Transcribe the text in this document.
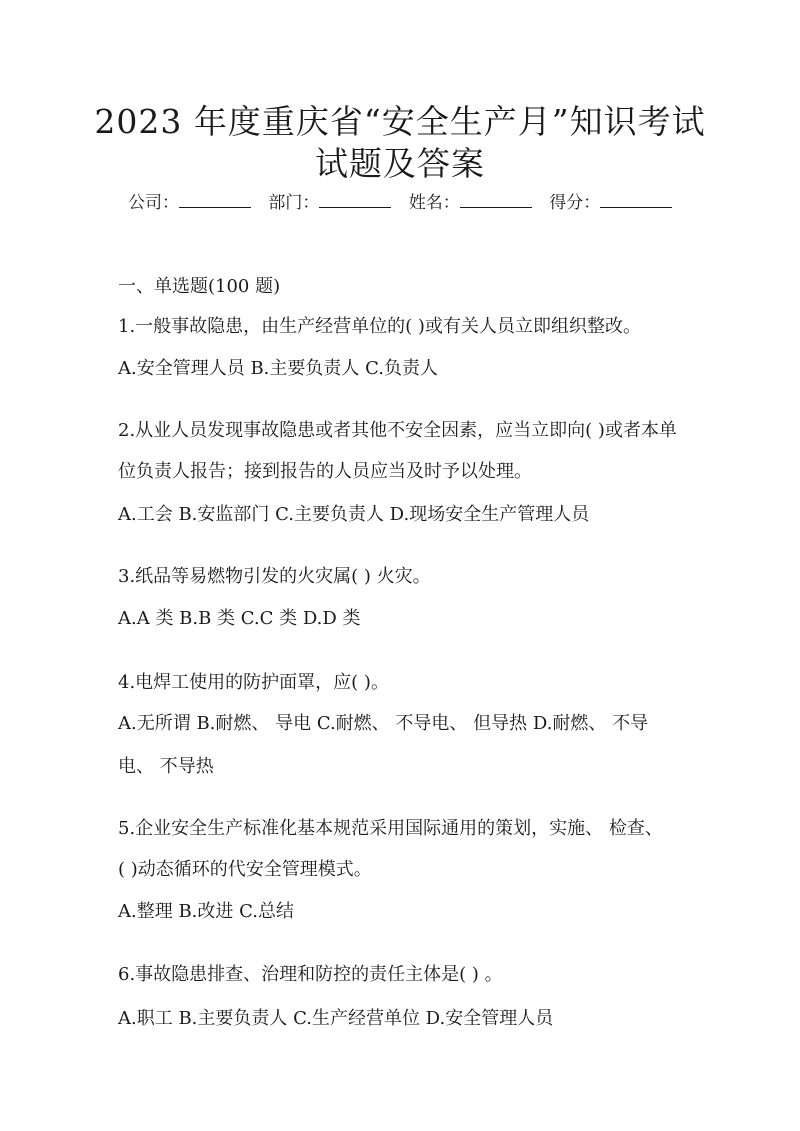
2023 年度重庆省“安全生产月”知识考试
试题及答案
公司：	部门：	姓名：	得分：
一、单选题(100 题)
1.一般事故隐患，由生产经营单位的( )或有关人员立即组织整改。
A.安全管理人员 B.主要负责人 C.负责人
2.从业人员发现事故隐患或者其他不安全因素，应当立即向( )或者本单
位负责人报告；接到报告的人员应当及时予以处理。
A.工会 B.安监部门 C.主要负责人 D.现场安全生产管理人员
3.纸品等易燃物引发的火灾属( ) 火灾。
A.A 类 B.B 类 C.C 类 D.D 类
4.电焊工使用的防护面罩，应( )。
A.无所谓 B.耐燃、 导电 C.耐燃、 不导电、 但导热 D.耐燃、 不导
电、 不导热
5.企业安全生产标准化基本规范采用国际通用的策划，实施、 检查、
( )动态循环的代安全管理模式。
A.整理 B.改进 C.总结
6.事故隐患排查、治理和防控的责任主体是( ) 。
A.职工 B.主要负责人 C.生产经营单位 D.安全管理人员
